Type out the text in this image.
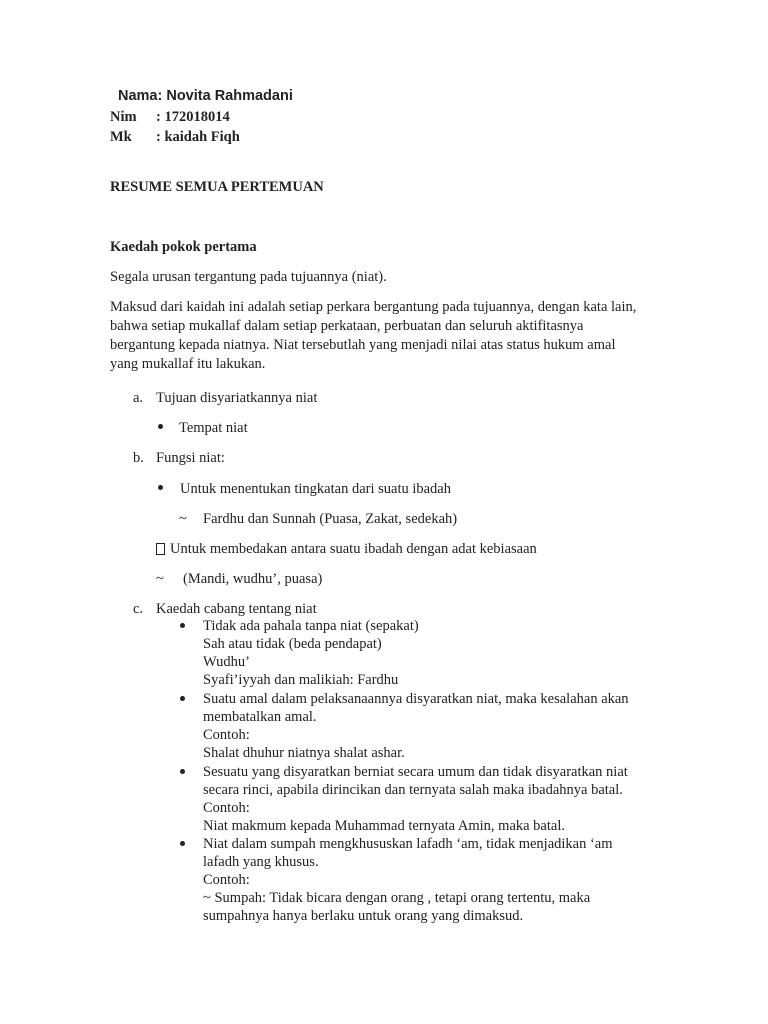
Nama: Novita Rahmadani
Nim : 172018014
Mk : kaidah Fiqh
RESUME SEMUA PERTEMUAN
Kaedah pokok pertama
Segala urusan tergantung pada tujuannya (niat).
Maksud dari kaidah ini adalah setiap perkara bergantung pada tujuannya, dengan kata lain,
bahwa setiap mukallaf dalam setiap perkataan, perbuatan dan seluruh aktifitasnya
bergantung kepada niatnya. Niat tersebutlah yang menjadi nilai atas status hukum amal
yang mukallaf itu lakukan.
a. Tujuan disyariatkannya niat
Tempat niat
b. Fungsi niat:
Untuk menentukan tingkatan dari suatu ibadah
~ Fardhu dan Sunnah (Puasa, Zakat, sedekah)
Untuk membedakan antara suatu ibadah dengan adat kebiasaan
~ (Mandi, wudhu’, puasa)
c. Kaedah cabang tentang niat
Tidak ada pahala tanpa niat (sepakat)
Sah atau tidak (beda pendapat)
Wudhu’
Syafi’iyyah dan malikiah: Fardhu
Suatu amal dalam pelaksanaannya disyaratkan niat, maka kesalahan akan
membatalkan amal.
Contoh:
Shalat dhuhur niatnya shalat ashar.
Sesuatu yang disyaratkan berniat secara umum dan tidak disyaratkan niat
secara rinci, apabila dirincikan dan ternyata salah maka ibadahnya batal.
Contoh:
Niat makmum kepada Muhammad ternyata Amin, maka batal.
Niat dalam sumpah mengkhususkan lafadh ‘am, tidak menjadikan ‘am
lafadh yang khusus.
Contoh:
~ Sumpah: Tidak bicara dengan orang , tetapi orang tertentu, maka
sumpahnya hanya berlaku untuk orang yang dimaksud.
